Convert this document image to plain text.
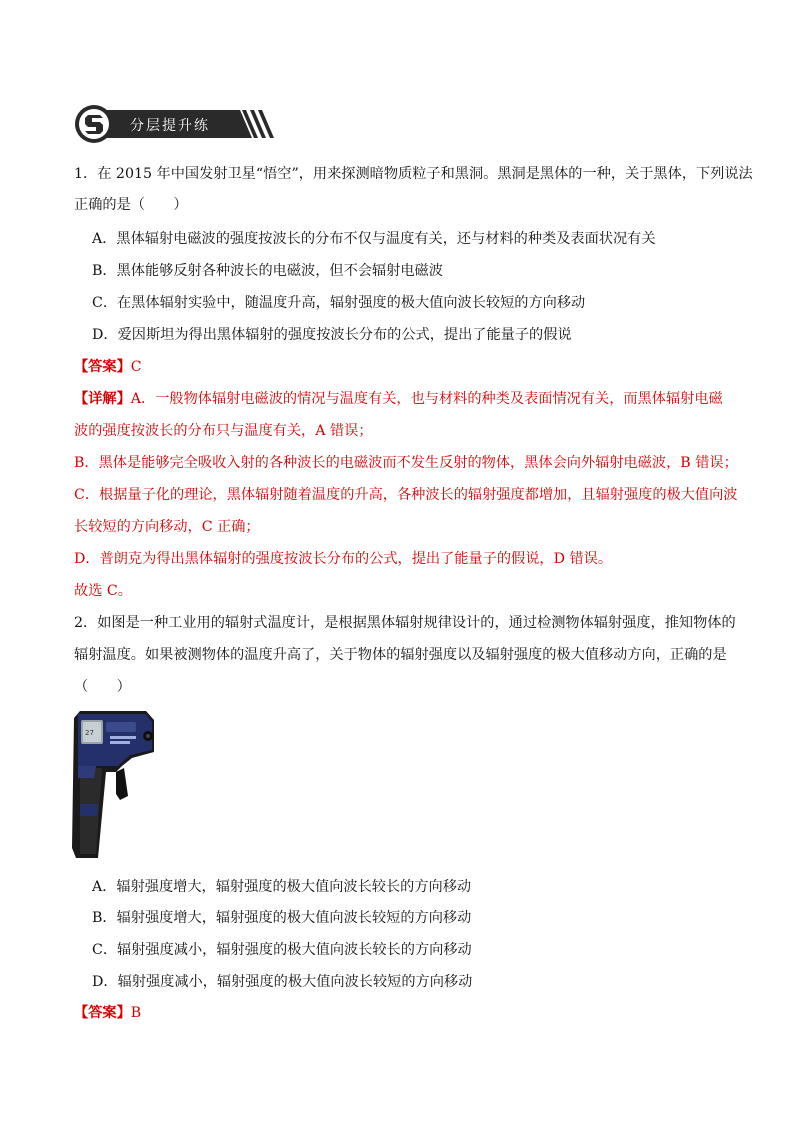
分层提升练
1．在 2015 年中国发射卫星“悟空”，用来探测暗物质粒子和黑洞。黑洞是黑体的一种，关于黑体，下列说法
正确的是（　　）
A．黑体辐射电磁波的强度按波长的分布不仅与温度有关，还与材料的种类及表面状况有关
B．黑体能够反射各种波长的电磁波，但不会辐射电磁波
C．在黑体辐射实验中，随温度升高，辐射强度的极大值向波长较短的方向移动
D．爱因斯坦为得出黑体辐射的强度按波长分布的公式，提出了能量子的假说
【答案】C
【详解】A．一般物体辐射电磁波的情况与温度有关，也与材料的种类及表面情况有关，而黑体辐射电磁
波的强度按波长的分布只与温度有关，A 错误；
B．黑体是能够完全吸收入射的各种波长的电磁波而不发生反射的物体，黑体会向外辐射电磁波，B 错误；
C．根据量子化的理论，黑体辐射随着温度的升高，各种波长的辐射强度都增加，且辐射强度的极大值向波
长较短的方向移动，C 正确；
D．普朗克为得出黑体辐射的强度按波长分布的公式，提出了能量子的假说，D 错误。
故选 C。
2．如图是一种工业用的辐射式温度计，是根据黑体辐射规律设计的，通过检测物体辐射强度，推知物体的
辐射温度。如果被测物体的温度升高了，关于物体的辐射强度以及辐射强度的极大值移动方向，正确的是
（　　）
27
A．辐射强度增大，辐射强度的极大值向波长较长的方向移动
B．辐射强度增大，辐射强度的极大值向波长较短的方向移动
C．辐射强度减小，辐射强度的极大值向波长较长的方向移动
D．辐射强度减小，辐射强度的极大值向波长较短的方向移动
【答案】B
